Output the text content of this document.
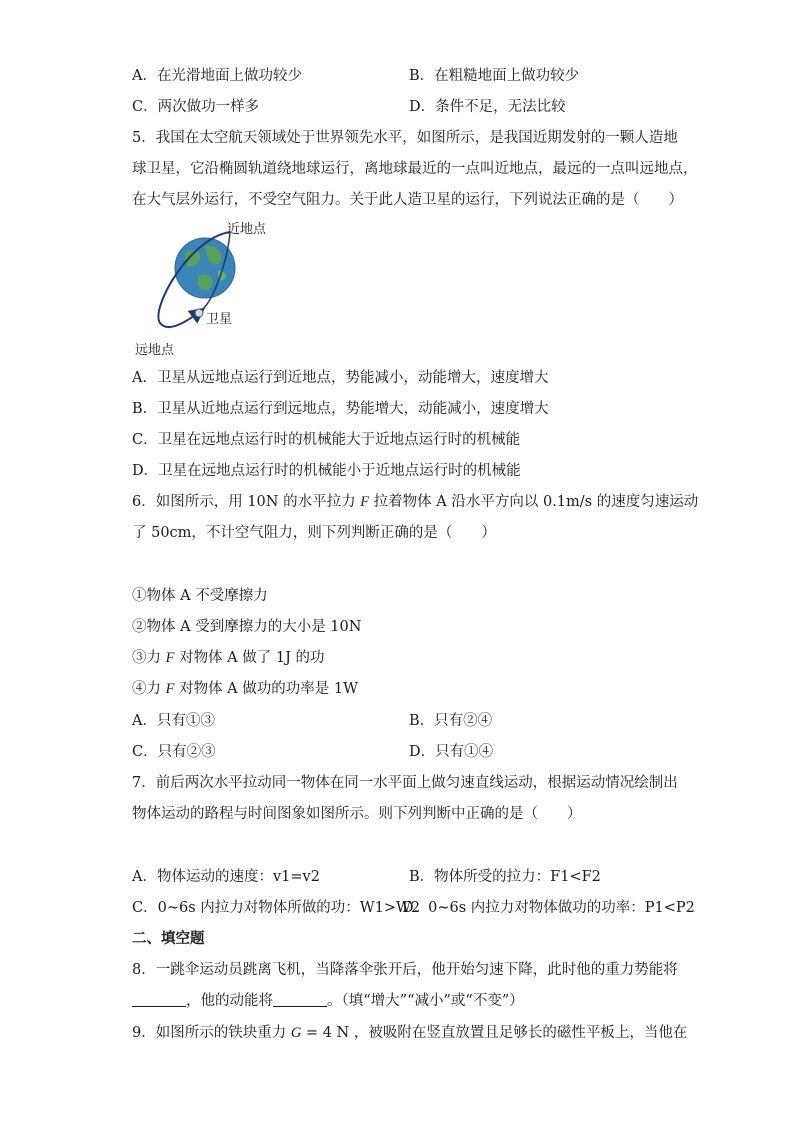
A．在光滑地面上做功较少	B．在粗糙地面上做功较少
C．两次做功一样多	D．条件不足，无法比较
5．我国在太空航天领域处于世界领先水平，如图所示，是我国近期发射的一颗人造地
球卫星，它沿椭圆轨道绕地球运行，离地球最近的一点叫近地点，最远的一点叫远地点，
在大气层外运行，不受空气阻力。关于此人造卫星的运行，下列说法正确的是（　　）
近地点
卫星
远地点
A．卫星从远地点运行到近地点，势能减小，动能增大，速度增大
B．卫星从近地点运行到远地点，势能增大，动能减小，速度增大
C．卫星在远地点运行时的机械能大于近地点运行时的机械能
D．卫星在远地点运行时的机械能小于近地点运行时的机械能
6．如图所示，用 10N 的水平拉力 F 拉着物体 A 沿水平方向以 0.1m/s 的速度匀速运动
了 50cm，不计空气阻力，则下列判断正确的是（　　）
①物体 A 不受摩擦力
②物体 A 受到摩擦力的大小是 10N
③力 F 对物体 A 做了 1J 的功
④力 F 对物体 A 做功的功率是 1W
A．只有①③	B．只有②④
C．只有②③	D．只有①④
7．前后两次水平拉动同一物体在同一水平面上做匀速直线运动，根据运动情况绘制出
物体运动的路程与时间图象如图所示。则下列判断中正确的是（　　）
A．物体运动的速度：v1=v2	B．物体所受的拉力：F1<F2
C．0~6s 内拉力对物体所做的功：W1>W2
D．0~6s 内拉力对物体做功的功率：P1<P2
二、填空题
8．一跳伞运动员跳离飞机，当降落伞张开后，他开始匀速下降，此时他的重力势能将
，他的动能将	。（填“增大”“减小”或“不变”）
9．如图所示的铁块重力 G = 4 N ，被吸附在竖直放置且足够长的磁性平板上，当他在
